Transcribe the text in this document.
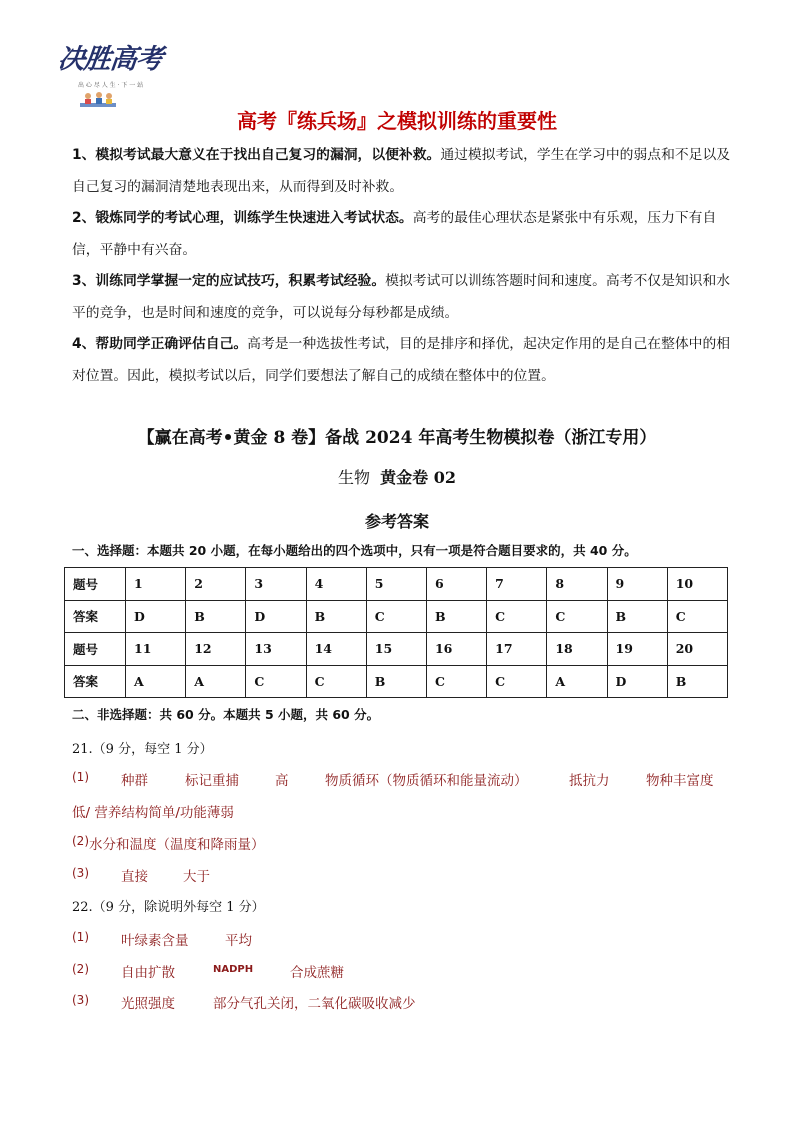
决胜高考
出 心 尽 人 生 · 下 一 站
高考『练兵场』之模拟训练的重要性
1、模拟考试最大意义在于找出自己复习的漏洞，以便补救。通过模拟考试，学生在学习中的弱点和不足以及自己复习的漏洞清楚地表现出来，从而得到及时补救。
2、锻炼同学的考试心理，训练学生快速进入考试状态。高考的最佳心理状态是紧张中有乐观，压力下有自信，平静中有兴奋。
3、训练同学掌握一定的应试技巧，积累考试经验。模拟考试可以训练答题时间和速度。高考不仅是知识和水平的竞争，也是时间和速度的竞争，可以说每分每秒都是成绩。
4、帮助同学正确评估自己。高考是一种选拔性考试，目的是排序和择优，起决定作用的是自己在整体中的相对位置。因此，模拟考试以后，同学们要想法了解自己的成绩在整体中的位置。
【赢在高考•黄金 8 卷】备战 2024 年高考生物模拟卷（浙江专用）
生物 黄金卷 02
参考答案
一、选择题：本题共 20 小题，在每小题给出的四个选项中，只有一项是符合题目要求的，共 40 分。
题号	1	2	3	4	5	6	7	8	9	10
答案	D	B	D	B	C	B	C	C	B	C
题号	11	12	13	14	15	16	17	18	19	20
答案	A	A	C	C	B	C	C	A	D	B
二、非选择题：共 60 分。本题共 5 小题，共 60 分。
21.（9 分，每空 1 分）
(1) 种群	标记重捕	高	物质循环（物质循环和能量流动）	抵抗力	物种丰富度
低/ 营养结构简单/功能薄弱
(2) 水分和温度（温度和降雨量）
(3) 直接	大于
22.（9 分，除说明外每空 1 分）
(1) 叶绿素含量	平均
(2) 自由扩散	NADPH	合成蔗糖
(3) 光照强度	部分气孔关闭，二氧化碳吸收减少
